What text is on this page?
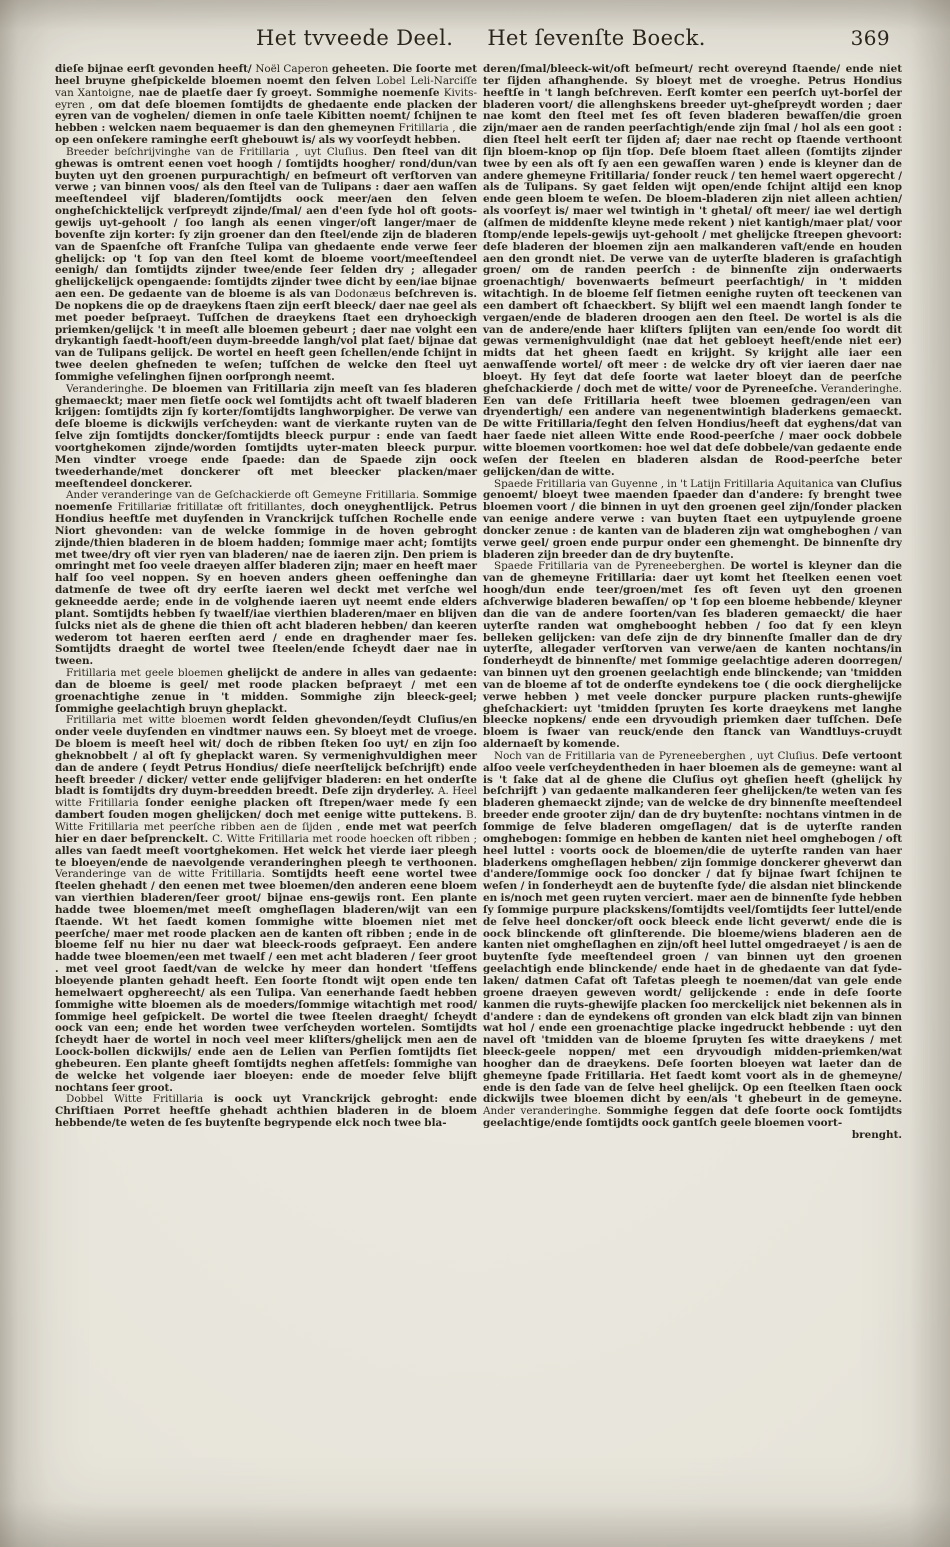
Het tvveede Deel. Het ſevenſte Boeck.	369

dieſe bijnae eerſt gevonden heeft/ Noël Caperon geheeten. Die ſoorte met heel bruyne gheſpickelde bloemen noemt den ſelven Lobel Leli-Narciſſe van Xantoigne, nae de plaetſe daer ſy groeyt. Sommighe noemenſe Kivits-eyren , om dat deſe bloemen ſomtijdts de ghedaente ende placken der eyren van de voghelen/ diemen in onſe taele Kibitten noemt/ ſchijnen te hebben : welcken naem bequaemer is dan den ghemeynen Fritillaria , die op een onſekere raminghe eerſt ghebouwt is/ als wy voorſeydt hebben.

Breeder beſchrijvinghe van de Fritillaria , uyt Cluſius. Den ſteel van dit ghewas is omtrent eenen voet hoogh / ſomtijdts hoogher/ rond/dun/van buyten uyt den groenen purpurachtigh/ en beſmeurt oft verſtorven van verwe ; van binnen voos/ als den ſteel van de Tulipans : daer aen waſſen meeſtendeel vijf bladeren/ſomtijdts oock meer/aen den ſelven ongheſchicktelijck verſpreydt zijnde/ſmal/ aen d'een ſyde hol oft goots-gewijs uyt-gehoolt / ſoo langh als eenen vinger/oft langer/maer de bovenſte zijn korter: ſy zijn groener dan den ſteel/ende zijn de bladeren van de Spaenſche oft Franſche Tulipa van ghedaente ende verwe ſeer ghelijck: op 't ſop van den ſteel komt de bloeme voort/meeſtendeel eenigh/ dan ſomtijdts zijnder twee/ende ſeer ſelden dry ; allegader ghelijckelijck opengaende: ſomtijdts zijnder twee dicht by een/iae bijnae aen een. De gedaente van de bloeme is als van Dodonæus beſchreven is. De nopkens die op de draeykens ſtaen zijn eerſt bleeck/ daer nae geel als met poeder beſpraeyt. Tuſſchen de draeykens ſtaet een dryhoeckigh priemken/gelijck 't in meeſt alle bloemen gebeurt ; daer nae volght een drykantigh ſaedt-hooft/een duym-breedde langh/vol plat ſaet/ bijnae dat van de Tulipans gelijck. De wortel en heeft geen ſchellen/ende ſchijnt in twee deelen gheſneden te weſen; tuſſchen de welcke den ſteel uyt ſommighe veſelinghen ſijnen oorſprongh neemt.

Veranderinghe. De bloemen van Fritillaria zijn meeſt van ſes bladeren ghemaeckt; maer men ſietſe oock wel ſomtijdts acht oft twaelf bladeren krijgen: ſomtijdts zijn ſy korter/ſomtijdts langhworpigher. De verwe van deſe bloeme is dickwijls verſcheyden: want de vierkante ruyten van de ſelve zijn ſomtijdts doncker/ſomtijdts bleeck purpur : ende van ſaedt voortghekomen zijnde/worden ſomtijdts uyter-maten bleeck purpur. Men vindter vroege ende ſpaede: dan de Spaede zijn oock tweederhande/met donckerer oft met bleecker placken/maer meeſtendeel donckerer.

Ander veranderinge van de Geſchackierde oft Gemeyne Fritillaria. Sommige noemenſe Fritillariæ fritillatæ oft fritillantes, doch oneyghentlijck. Petrus Hondius heeftſe met duyſenden in Vranckrijck tuſſchen Rochelle ende Niort ghevonden: van de welcke ſommige in de hoven gebroght zijnde/thien bladeren in de bloem hadden; ſommige maer acht; ſomtijts met twee/dry oft vier ryen van bladeren/ nae de iaeren zijn. Den priem is omringht met ſoo veele draeyen alſſer bladeren zijn; maer en heeft maer half ſoo veel noppen. Sy en hoeven anders gheen oeffeninghe dan datmenſe de twee oft dry eerſte iaeren wel deckt met verſche wel gekneedde aerde; ende in de volghende iaeren uyt neemt ende elders plant. Somtijdts hebben ſy twaelf/iae vierthien bladeren/maer en blijven ſulcks niet als de ghene die thien oft acht bladeren hebben/ dan keeren wederom tot haeren eerſten aerd / ende en draghender maer ſes. Somtijdts draeght de wortel twee ſteelen/ende ſcheydt daer nae in tween.

Fritillaria met geele bloemen ghelijckt de andere in alles van gedaente: dan de bloeme is geel/ met roode placken beſpraeyt / met een groenachtighe zenue in 't midden. Sommighe zijn bleeck-geel; ſommighe geelachtigh bruyn gheplackt.

Fritillaria met witte bloemen wordt ſelden ghevonden/ſeydt Cluſius/en onder veele duyſenden en vindtmer nauws een. Sy bloeyt met de vroege. De bloem is meeſt heel wit/ doch de ribben ſteken ſoo uyt/ en zijn ſoo gheknobbelt / al oft ſy gheplackt waren. Sy vermenighvuldighen meer dan de andere ( ſeydt Petrus Hondius/ dieſe neerſtelijck beſchrijft) ende heeft breeder / dicker/ vetter ende gelijfviger bladeren: en het onderſte bladt is ſomtijdts dry duym-breedden breedt. Deſe zijn dryderley. A. Heel witte Fritillaria ſonder eenighe placken oft ſtrepen/waer mede ſy een dambert ſouden mogen ghelijcken/ doch met eenige witte puttekens. B. Witte Fritillaria met peerſche ribben aen de ſijden , ende met wat peerſch hier en daer beſprenckelt. C. Witte Fritillaria met roode hoecken oft ribben ; alles van ſaedt meeſt voortghekomen. Het welck het vierde iaer pleegh te bloeyen/ende de naevolgende veranderinghen pleegh te verthoonen. Veranderinge van de witte Fritillaria. Somtijdts heeft eene wortel twee ſteelen ghehadt / den eenen met twee bloemen/den anderen eene bloem van vierthien bladeren/ſeer groot/ bijnae ens-gewijs ront. Een plante hadde twee bloemen/met meeſt omgheſlagen bladeren/wijt van een ſtaende. Wt het ſaedt komen ſommighe witte bloemen niet met peerſche/ maer met roode placken aen de kanten oft ribben ; ende in de bloeme ſelf nu hier nu daer wat bleeck-roods geſpraeyt. Een andere hadde twee bloemen/een met twaelf / een met acht bladeren / ſeer groot . met veel groot ſaedt/van de welcke hy meer dan hondert 'tſeffens bloeyende planten gehadt heeft. Een ſoorte ſtondt wijt open ende ten hemelwaert opghereecht/ als een Tulipa. Van eenerhande ſaedt hebben ſommighe witte bloemen als de moeders/ſommige witachtigh met rood/ſommige heel geſpickelt. De wortel die twee ſteelen draeght/ ſcheydt oock van een; ende het worden twee verſcheyden wortelen. Somtijdts ſcheydt haer de wortel in noch veel meer kliſters/ghelijck men aen de Loock-bollen dickwijls/ ende aen de Lelien van Perſien ſomtijdts ſiet ghebeuren. Een plante gheeft ſomtijdts neghen afſetſels: ſommighe van de welcke het volgende iaer bloeyen: ende de moeder ſelve blijft nochtans ſeer groot.

Dobbel Witte Fritillaria is oock uyt Vranckrijck gebroght: ende Chriſtiaen Porret heeftſe ghehadt achthien bladeren in de bloem hebbende/te weten de ſes buytenſte begrypende elck noch twee bla-

deren/ſmal/bleeck-wit/oft beſmeurt/ recht overeynd ſtaende/ ende niet ter ſijden afhanghende. Sy bloeyt met de vroeghe. Petrus Hondius heeftſe in 't langh beſchreven. Eerſt komter een peerſch uyt-borſel der bladeren voort/ die allenghskens breeder uyt-gheſpreydt worden ; daer nae komt den ſteel met ſes oft ſeven bladeren bewaſſen/die groen zijn/maer aen de randen peerſachtigh/ende zijn ſmal / hol als een goot : dien ſteel helt eerſt ter ſijden af; daer nae recht op ſtaende verthoont ſijn bloem-knop op ſijn tſop. Deſe bloem ſtaet alleen (ſomtijts zijnder twee by een als oft ſy aen een gewaſſen waren ) ende is kleyner dan de andere ghemeyne Fritillaria/ ſonder reuck / ten hemel waert opgerecht / als de Tulipans. Sy gaet ſelden wijt open/ende ſchijnt altijd een knop ende geen bloem te weſen. De bloem-bladeren zijn niet alleen achtien/ als voorſeyt is/ maer wel twintigh in 't ghetal/ oft meer/ iae wel dertigh (alſmen de middenſte kleyne mede rekent ) niet kantigh/maer plat/ voor ſtomp/ende lepels-gewijs uyt-gehoolt / met ghelijcke ſtreepen ghevoort: deſe bladeren der bloemen zijn aen malkanderen vaſt/ende en houden aen den grondt niet. De verwe van de uyterſte bladeren is graſachtigh groen/ om de randen peerſch : de binnenſte zijn onderwaerts groenachtigh/ bovenwaerts beſmeurt peerſachtigh/ in 't midden witachtigh. In de bloeme ſelf ſietmen eenighe ruyten oft teeckenen van een dambert oft ſchaeckbert. Sy blijft wel een maendt langh ſonder te vergaen/ende de bladeren droogen aen den ſteel. De wortel is als die van de andere/ende haer kliſters ſplijten van een/ende ſoo wordt dit gewas vermenighvuldight (nae dat het gebloeyt heeft/ende niet eer) midts dat het gheen ſaedt en krijght. Sy krijght alle iaer een aenwaſſende wortel/ oft meer : de welcke dry oft vier iaeren daer nae bloeyt. Hy ſeyt dat deſe ſoorte wat laeter bloeyt dan de peerſche gheſchackierde / doch met de witte/ voor de Pyreneeſche. Veranderinghe. Een van deſe Fritillaria heeft twee bloemen gedragen/een van dryendertigh/ een andere van negenentwintigh bladerkens gemaeckt. De witte Fritillaria/ſeght den ſelven Hondius/heeft dat eyghens/dat van haer ſaede niet alleen Witte ende Rood-peerſche / maer oock dobbele witte bloemen voortkomen: hoe wel dat deſe dobbele/van gedaente ende weſen der ſteelen en bladeren alsdan de Rood-peerſche beter gelijcken/dan de witte.

Spaede Fritillaria van Guyenne , in 't Latijn Fritillaria Aquitanica van Cluſius genoemt/ bloeyt twee maenden ſpaeder dan d'andere: ſy brenght twee bloemen voort / die binnen in uyt den groenen geel zijn/ſonder placken van eenige andere verwe : van buyten ſtaet een uytpuylende groene doncker zenue : de kanten van de bladeren zijn wat omgheboghen / van verwe geel/ groen ende purpur onder een ghemenght. De binnenſte dry bladeren zijn breeder dan de dry buytenſte.

Spaede Fritillaria van de Pyreneeberghen. De wortel is kleyner dan die van de ghemeyne Fritillaria: daer uyt komt het ſteelken eenen voet hoogh/dun ende teer/groen/met ſes oft ſeven uyt den groenen aſchverwige bladeren bewaſſen/ op 't ſop een bloeme hebbende/ kleyner dan die van de andere ſoorten/van ſes bladeren gemaeckt/ die haer uyterſte randen wat omghebooght hebben / ſoo dat ſy een kleyn belleken gelijcken: van deſe zijn de dry binnenſte ſmaller dan de dry uyterſte, allegader verſtorven van verwe/aen de kanten nochtans/in ſonderheydt de binnenſte/ met ſommige geelachtige aderen doorregen/ van binnen uyt den groenen geelachtigh ende blinckende; van 'tmidden van de bloeme af tot de onderſte eyndekens toe ( die oock dierghelijcke verwe hebben ) met veele doncker purpure placken runts-ghewijſe gheſchackiert: uyt 'tmidden ſpruyten ſes korte draeykens met langhe bleecke nopkens/ ende een dryvoudigh priemken daer tuſſchen. Deſe bloem is ſwaer van reuck/ende den ſtanck van Wandtluys-cruydt aldernaeſt by komende.

Noch van de Fritillaria van de Pyreneeberghen , uyt Cluſius. Deſe vertoont alſoo veele verſcheydentheden in haer bloemen als de gemeyne: want al is 't ſake dat al de ghene die Cluſius oyt gheſien heeft (ghelijck hy beſchrijft ) van gedaente malkanderen ſeer ghelijcken/te weten van ſes bladeren ghemaeckt zijnde; van de welcke de dry binnenſte meeſtendeel breeder ende grooter zijn/ dan de dry buytenſte: nochtans vintmen in de ſommige de ſelve bladeren omgeſlagen/ dat is de uyterſte randen omghebogen: ſommige en hebben de kanten niet heel omghebogen / oft heel luttel : voorts oock de bloemen/die de uyterſte randen van haer bladerkens omgheſlagen hebben/ zijn ſommige donckerer gheverwt dan d'andere/ſommige oock ſoo doncker / dat ſy bijnae ſwart ſchijnen te weſen / in ſonderheydt aen de buytenſte ſyde/ die alsdan niet blinckende en is/noch met geen ruyten verciert. maer aen de binnenſte ſyde hebben ſy ſommige purpure plackskens/ſomtijdts veel/ſomtijdts ſeer luttel/ende de ſelve heel doncker/oft oock bleeck ende licht geverwt/ ende die is oock blinckende oft glinſterende. Die bloeme/wiens bladeren aen de kanten niet omgheſlaghen en zijn/oft heel luttel omgedraeyet / is aen de buytenſte ſyde meeſtendeel groen / van binnen uyt den groenen geelachtigh ende blinckende/ ende haet in de ghedaente van dat ſyde-laken/ datmen Cafat oft Tafetas pleegh te noemen/dat van gele ende groene draeyen geweven wordt/ gelijckende : ende in deſe ſoorte kanmen die ruyts-ghewijſe placken ſoo merckelijck niet bekennen als in d'andere : dan de eyndekens oft gronden van elck bladt zijn van binnen wat hol / ende een groenachtige placke ingedruckt hebbende : uyt den navel oft 'tmidden van de bloeme ſpruyten ſes witte draeykens / met bleeck-geele noppen/ met een dryvoudigh midden-priemken/wat hoogher dan de draeykens. Deſe ſoorten bloeyen wat laeter dan de ghemeyne ſpade Fritillaria. Het ſaedt komt voort als in de ghemeyne/ ende is den ſade van de ſelve heel ghelijck. Op een ſteelken ſtaen oock dickwijls twee bloemen dicht by een/als 't ghebeurt in de gemeyne. Ander veranderinghe. Sommighe ſeggen dat deſe ſoorte oock ſomtijdts geelachtige/ende ſomtijdts oock gantſch geele bloemen voort-

brenght.
